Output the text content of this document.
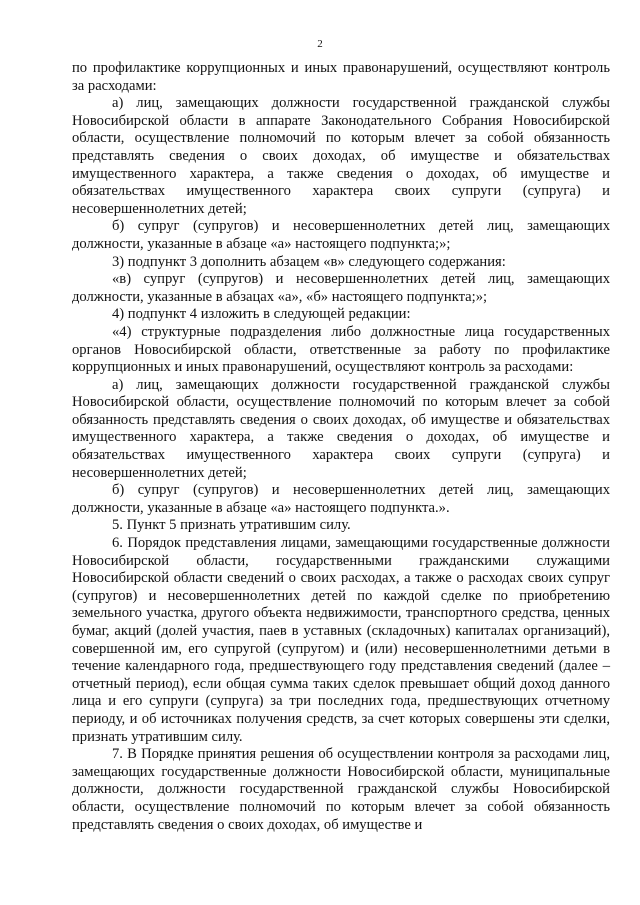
2

по профилактике коррупционных и иных правонарушений, осуществляют контроль за расходами:

а) лиц, замещающих должности государственной гражданской службы Новосибирской области в аппарате Законодательного Собрания Новосибирской области, осуществление полномочий по которым влечет за собой обязанность представлять сведения о своих доходах, об имуществе и обязательствах имущественного характера, а также сведения о доходах, об имуществе и обязательствах имущественного характера своих супруги (супруга) и несовершеннолетних детей;

б) супруг (супругов) и несовершеннолетних детей лиц, замещающих должности, указанные в абзаце «а» настоящего подпункта;»;

3) подпункт 3 дополнить абзацем «в» следующего содержания:

«в) супруг (супругов) и несовершеннолетних детей лиц, замещающих должности, указанные в абзацах «а», «б» настоящего подпункта;»;

4) подпункт 4 изложить в следующей редакции:

«4) структурные подразделения либо должностные лица государственных органов Новосибирской области, ответственные за работу по профилактике коррупционных и иных правонарушений, осуществляют контроль за расходами:

а) лиц, замещающих должности государственной гражданской службы Новосибирской области, осуществление полномочий по которым влечет за собой обязанность представлять сведения о своих доходах, об имуществе и обязательствах имущественного характера, а также сведения о доходах, об имуществе и обязательствах имущественного характера своих супруги (супруга) и несовершеннолетних детей;

б) супруг (супругов) и несовершеннолетних детей лиц, замещающих должности, указанные в абзаце «а» настоящего подпункта.».

5. Пункт 5 признать утратившим силу.

6. Порядок представления лицами, замещающими государственные должности Новосибирской области, государственными гражданскими служащими Новосибирской области сведений о своих расходах, а также о расходах своих супруг (супругов) и несовершеннолетних детей по каждой сделке по приобретению земельного участка, другого объекта недвижимости, транспортного средства, ценных бумаг, акций (долей участия, паев в уставных (складочных) капиталах организаций), совершенной им, его супругой (супругом) и (или) несовершеннолетними детьми в течение календарного года, предшествующего году представления сведений (далее – отчетный период), если общая сумма таких сделок превышает общий доход данного лица и его супруги (супруга) за три последних года, предшествующих отчетному периоду, и об источниках получения средств, за счет которых совершены эти сделки, признать утратившим силу.

7. В Порядке принятия решения об осуществлении контроля за расходами лиц, замещающих государственные должности Новосибирской области, муниципальные должности, должности государственной гражданской службы Новосибирской области, осуществление полномочий по которым влечет за собой обязанность представлять сведения о своих доходах, об имуществе и
